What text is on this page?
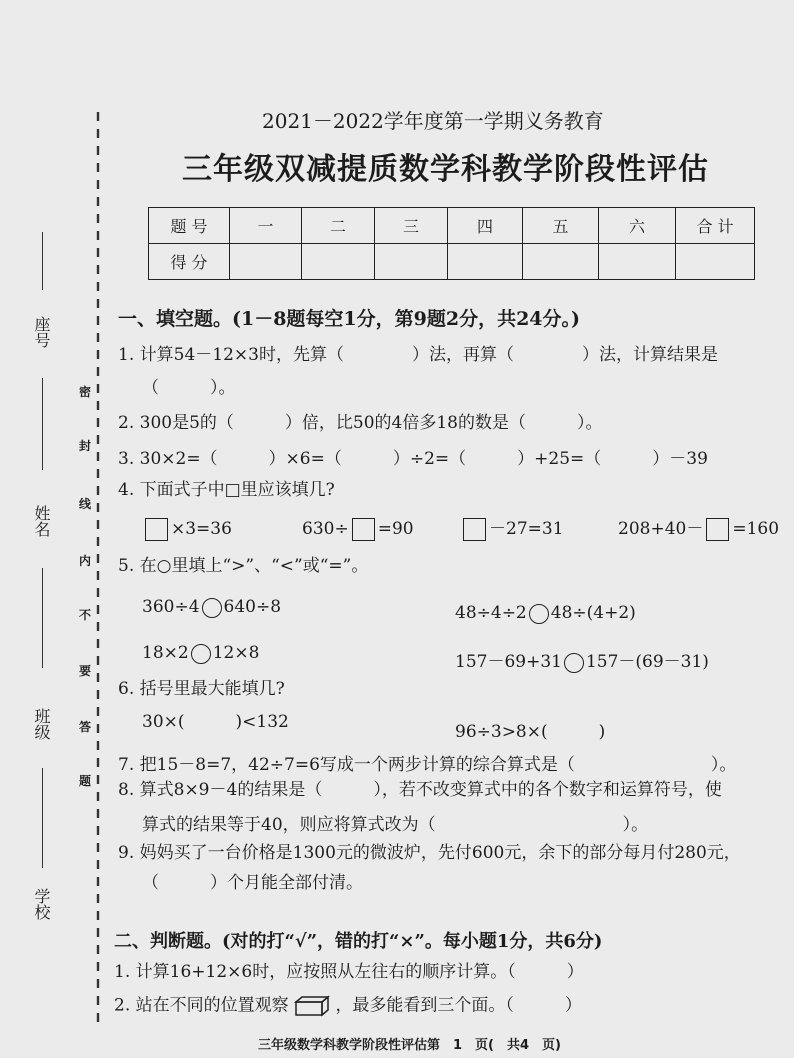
2021－2022学年度第一学期义务教育
三年级双减提质数学科教学阶段性评估
座号
姓名
班级
学校
密
封
线
内
不
要
答
题
题 号	一	二	三	四	五	六	合 计
得 分							
一、填空题。(1－8题每空1分，第9题2分，共24分。)
1. 计算54－12×3时，先算（　　　　）法，再算（　　　　）法，计算结果是
（　　　）。
2. 300是5的（　　　）倍，比50的4倍多18的数是（　　　）。
3. 30×2=（　　　）×6=（　　　）÷2=（　　　）+25=（　　　）－39
4. 下面式子中□里应该填几?
×3=36	630÷ =90	－27=31	208+40－ =160
5. 在○里填上“>”、“<”或“=”。
360÷4 640÷8	48÷4÷2 48÷(4+2)
18×2 12×8	157－69+31 157－(69－31)
6. 括号里最大能填几?
30×(　　　)<132	96÷3>8×(　　　)
7. 把15－8=7，42÷7=6写成一个两步计算的综合算式是（　　　　　　　　）。
8. 算式8×9－4的结果是（　　　），若不改变算式中的各个数字和运算符号，使
算式的结果等于40，则应将算式改为（　　　　　　　　　　　）。
9. 妈妈买了一台价格是1300元的微波炉，先付600元，余下的部分每月付280元，
（　　　）个月能全部付清。
二、判断题。(对的打“√”，错的打“×”。每小题1分，共6分)
1. 计算16+12×6时，应按照从左往右的顺序计算。（　　　）
2. 站在不同的位置观察	，最多能看到三个面。（　　　）
三年级数学科教学阶段性评估第　1　页(　共4　页)
